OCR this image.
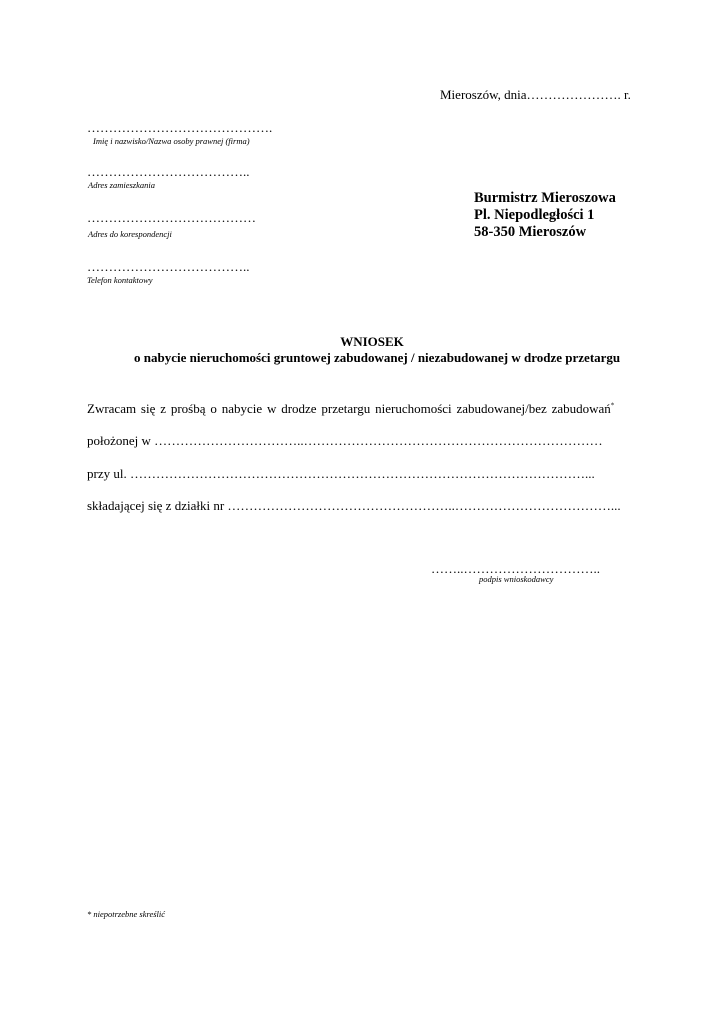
Mieroszów, dnia…………………. r.
…………………………………….
Imię i nazwisko/Nazwa osoby prawnej (firma)
………………………………..
Adres zamieszkania
…………………………………
Adres do korespondencji
………………………………..
Telefon kontaktowy
Burmistrz Mieroszowa
Pl. Niepodległości 1
58-350 Mieroszów
WNIOSEK
o nabycie nieruchomości gruntowej zabudowanej / niezabudowanej w drodze przetargu
Zwracam się z prośbą o nabycie w drodze przetargu nieruchomości zabudowanej/bez zabudowań*
położonej w ……………………………..……………………………………………………………
przy ul. ……………………………………………………………………………………………...
składającej się z działki nr ……………………………………………..………………………………...
……..…………………………..
podpis wnioskodawcy
* niepotrzebne skreślić
